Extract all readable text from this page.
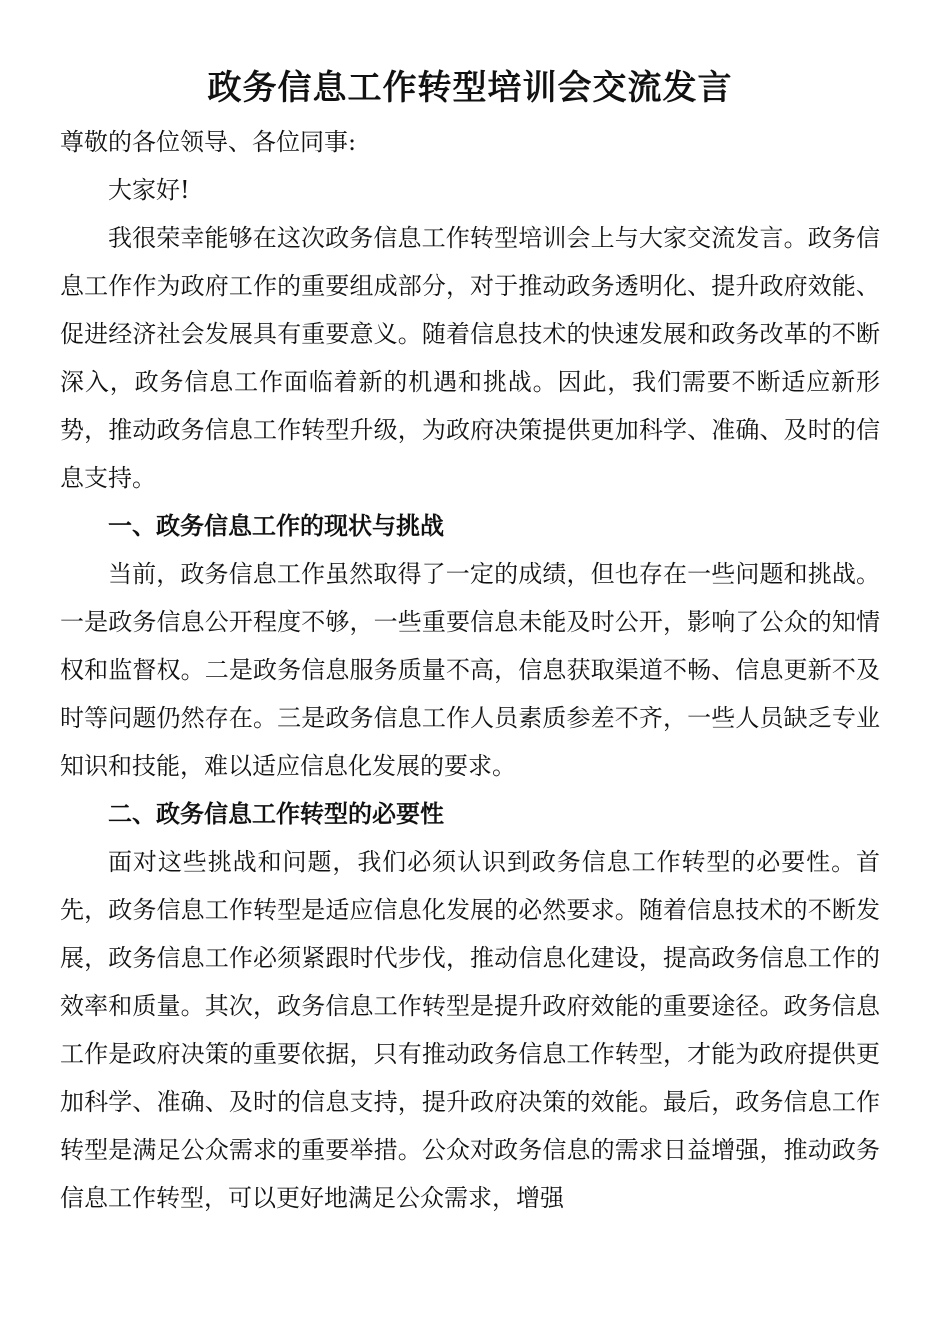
政务信息工作转型培训会交流发言

尊敬的各位领导、各位同事:

大家好!

我很荣幸能够在这次政务信息工作转型培训会上与大家交流发言。政务信息工作作为政府工作的重要组成部分，对于推动政务透明化、提升政府效能、促进经济社会发展具有重要意义。随着信息技术的快速发展和政务改革的不断深入，政务信息工作面临着新的机遇和挑战。因此，我们需要不断适应新形势，推动政务信息工作转型升级，为政府决策提供更加科学、准确、及时的信息支持。

一、政务信息工作的现状与挑战

当前，政务信息工作虽然取得了一定的成绩，但也存在一些问题和挑战。一是政务信息公开程度不够，一些重要信息未能及时公开，影响了公众的知情权和监督权。二是政务信息服务质量不高，信息获取渠道不畅、信息更新不及时等问题仍然存在。三是政务信息工作人员素质参差不齐，一些人员缺乏专业知识和技能，难以适应信息化发展的要求。

二、政务信息工作转型的必要性

面对这些挑战和问题，我们必须认识到政务信息工作转型的必要性。首先，政务信息工作转型是适应信息化发展的必然要求。随着信息技术的不断发展，政务信息工作必须紧跟时代步伐，推动信息化建设，提高政务信息工作的效率和质量。其次，政务信息工作转型是提升政府效能的重要途径。政务信息工作是政府决策的重要依据，只有推动政务信息工作转型，才能为政府提供更加科学、准确、及时的信息支持，提升政府决策的效能。最后，政务信息工作转型是满足公众需求的重要举措。公众对政务信息的需求日益增强，推动政务信息工作转型，可以更好地满足公众需求，增强
